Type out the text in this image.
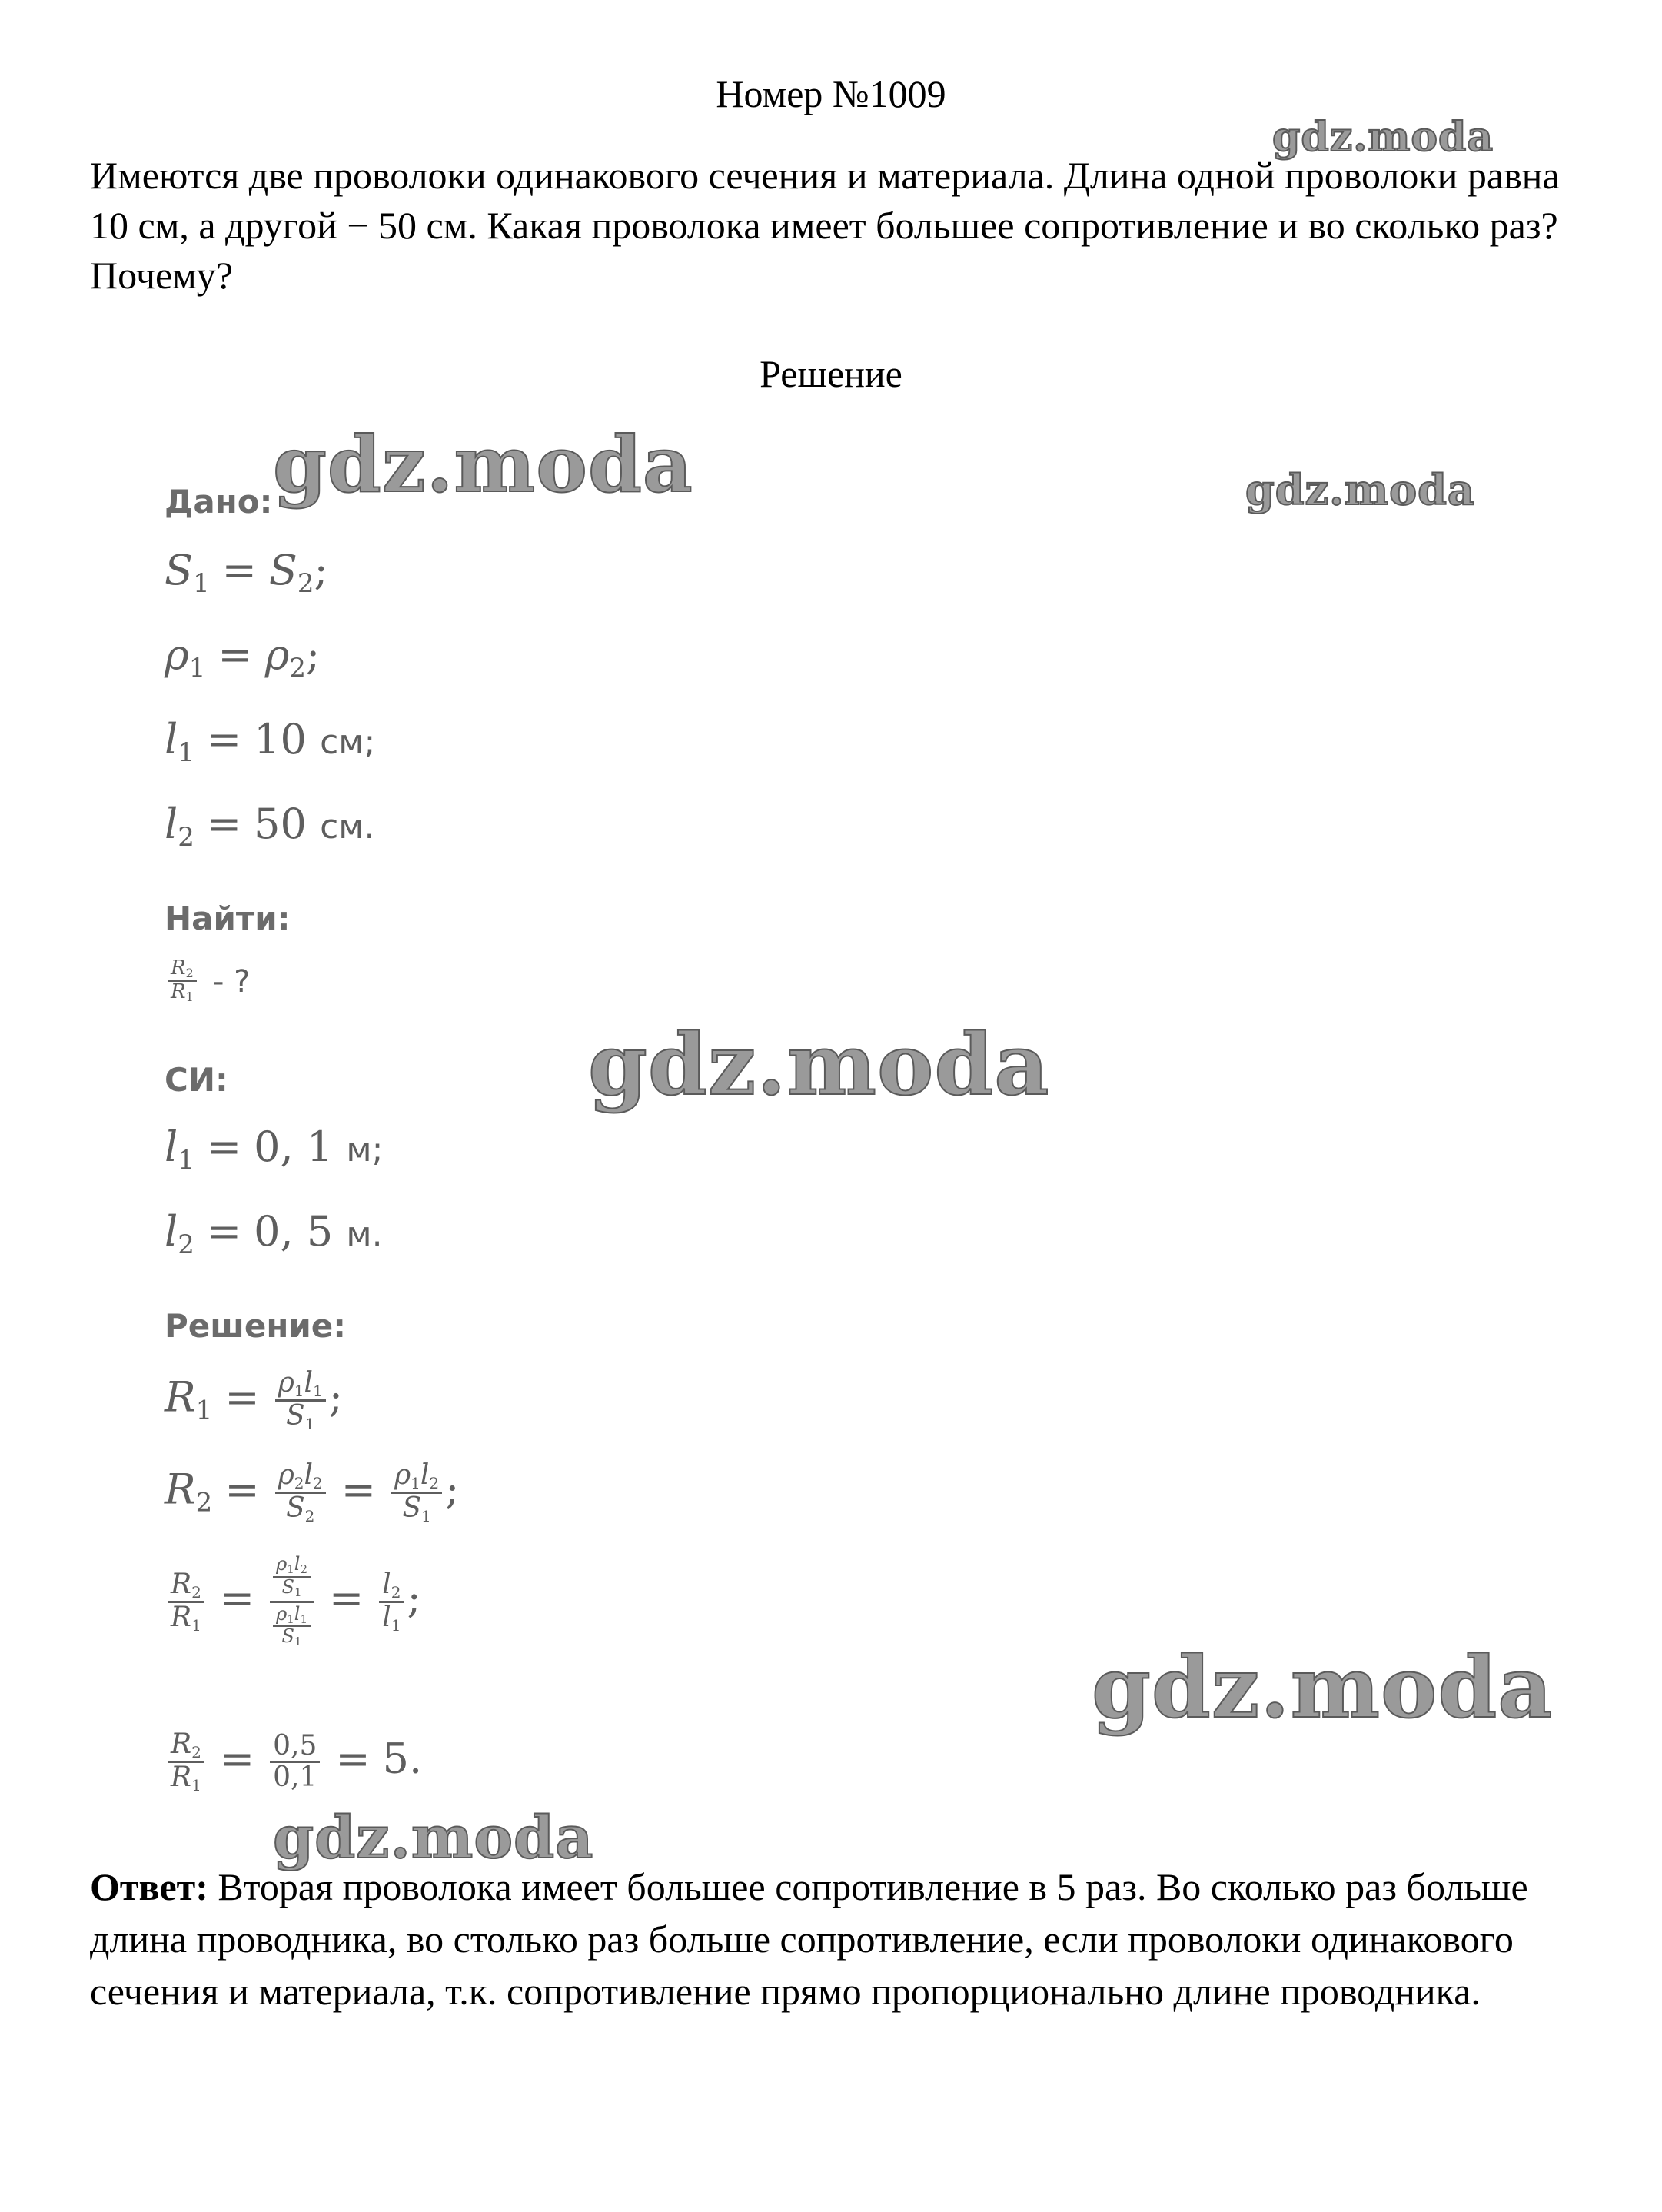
Номер №1009
Имеются две проволоки одинакового сечения и материала. Длина одной проволоки равна 10 см, а другой − 50 см. Какая проволока имеет большее сопротивление и во сколько раз? Почему?
Решение
Дано:
$S_1 = S_2$;
$\rho_1 = \rho_2$;
$l_1 = 10$ см;
$l_2 = 50$ см.
Найти:
$\frac{R_2}{R_1}$ - ?
СИ:
$l_1 = 0$, 1 м;
$l_2 = 0$, 5 м.
Решение:
$R_1 = \frac{\rho_1l_1}{S_1}$ ;
$R_2 = \frac{\rho_2l_2}{S_2} = \frac{\rho_1l_2}{S_1}$ ;
$\frac{R_2}{R_1} = \frac{\frac{\rho_1l_2}{S_1}}{\frac{\rho_1l_1}{S_1}} = \frac{l_2}{l_1}$ ;
$\frac{R_2}{R_1} = \frac{0,5}{0,1} = 5$.
Ответ: Вторая проволока имеет большее сопротивление в 5 раз. Во сколько раз больше длина проводника, во столько раз больше сопротивление, если проволоки одинакового сечения и материала, т.к. сопротивление прямо пропорционально длине проводника.
gdz.moda
gdz.moda	gdz.moda
gdz.moda
gdz.moda
gdz.moda
